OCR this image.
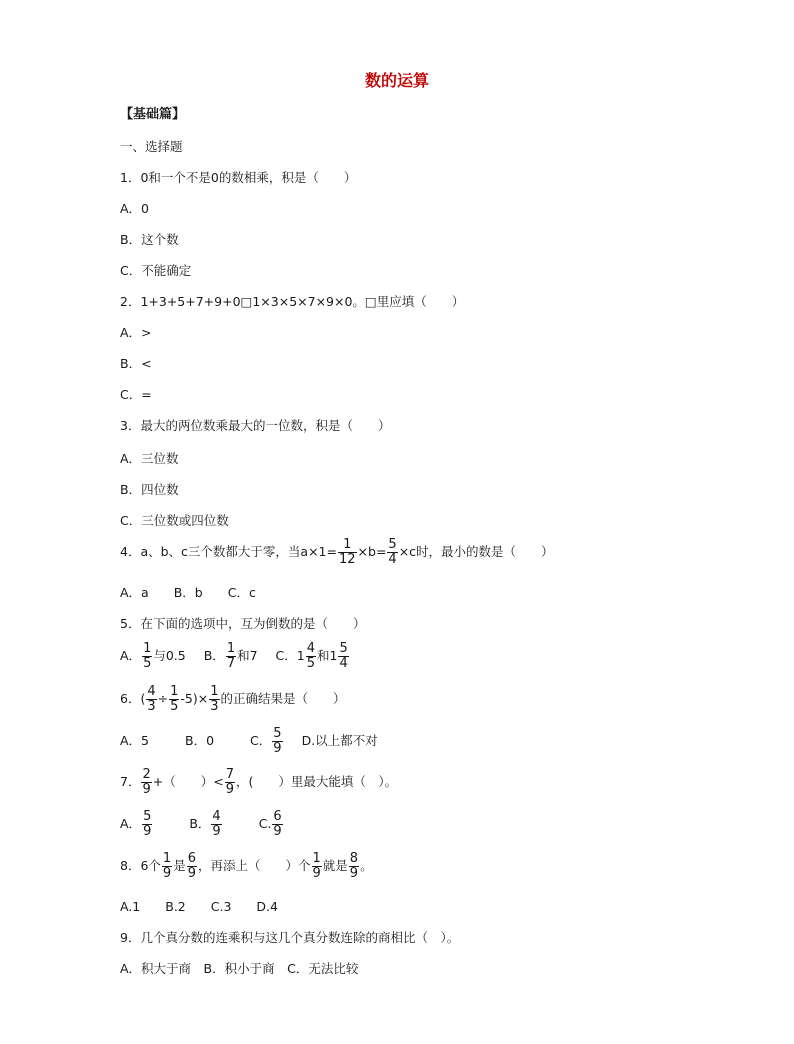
数的运算
【基础篇】
一、选择题
1．0和一个不是0的数相乘，积是（　　）
A．0
B．这个数
C．不能确定
2．1+3+5+7+9+0□1×3×5×7×9×0。□里应填（　　）
A．>
B．<
C．=
3．最大的两位数乘最大的一位数，积是（　　）
A．三位数
B．四位数
C．三位数或四位数
4．a、b、c三个数都大于零，当$a\times 1= \frac{1}{12} \times b= \frac{5}{4} \times c$时，最小的数是（　　）
A．a　　B．b　　C．c
5．在下面的选项中，互为倒数的是（　　）
A． $\frac{1}{5}$ 与0.5 B． $\frac{1}{7}$ 和7 C．$1 \frac{4}{5}$ 和$1 \frac{5}{4}$
6．( $\frac{4}{3} \div \frac{1}{5} -5)\times \frac{1}{3}$ 的正确结果是（　　）
A．5	B．0	C． $\frac{5}{9} D$.以上都不对
7． $\frac{2}{9}$ +（　　）< $\frac{7}{9}$ ，(　　）里最大能填（　）。
A． $\frac{5}{9}$	B． $\frac{4}{9}$	C. $\frac{6}{9}$
8．6个 $\frac{1}{9}$ 是 $\frac{6}{9}$ ，再添上（　　）个 $\frac{1}{9}$ 就是 $\frac{8}{9}$ 。
A.1　　B.2　　C.3　　D.4
9．几个真分数的连乘积与这几个真分数连除的商相比（　）。
A．积大于商　B．积小于商　C．无法比较
